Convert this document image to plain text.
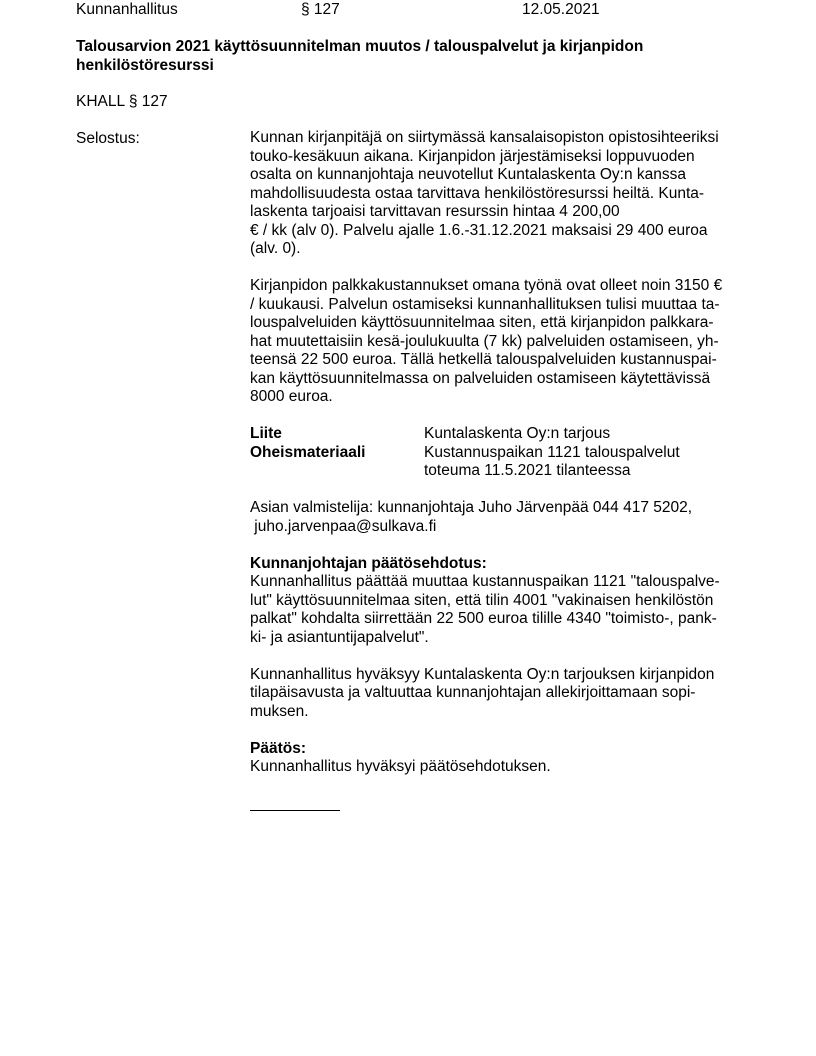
Kunnanhallitus	§ 127	12.05.2021
Talousarvion 2021 käyttösuunnitelman muutos / talouspalvelut ja kirjanpidon
henkilöstöresurssi
KHALL § 127
Selostus:	Kunnan kirjanpitäjä on siirtymässä kansalaisopiston opistosihteeriksi
touko-kesäkuun aikana. Kirjanpidon järjestämiseksi loppuvuoden
osalta on kunnanjohtaja neuvotellut Kuntalaskenta Oy:n kanssa
mahdollisuudesta ostaa tarvittava henkilöstöresurssi heiltä. Kunta-
laskenta tarjoaisi tarvittavan resurssin hintaa 4 200,00
€ / kk (alv 0). Palvelu ajalle 1.6.-31.12.2021 maksaisi 29 400 euroa
(alv. 0).
Kirjanpidon palkkakustannukset omana työnä ovat olleet noin 3150 €
/ kuukausi. Palvelun ostamiseksi kunnanhallituksen tulisi muuttaa ta-
louspalveluiden käyttösuunnitelmaa siten, että kirjanpidon palkkara-
hat muutettaisiin kesä-joulukuulta (7 kk) palveluiden ostamiseen, yh-
teensä 22 500 euroa. Tällä hetkellä talouspalveluiden kustannuspai-
kan käyttösuunnitelmassa on palveluiden ostamiseen käytettävissä
8000 euroa.
Liite	Kuntalaskenta Oy:n tarjous
Oheismateriaali	Kustannuspaikan 1121 talouspalvelut
toteuma 11.5.2021 tilanteessa
Asian valmistelija: kunnanjohtaja Juho Järvenpää 044 417 5202,
juho.jarvenpaa@sulkava.fi
Kunnanjohtajan päätösehdotus:
Kunnanhallitus päättää muuttaa kustannuspaikan 1121 "talouspalve-
lut" käyttösuunnitelmaa siten, että tilin 4001 "vakinaisen henkilöstön
palkat" kohdalta siirrettään 22 500 euroa tilille 4340 "toimisto-, pank-
ki- ja asiantuntijapalvelut".
Kunnanhallitus hyväksyy Kuntalaskenta Oy:n tarjouksen kirjanpidon
tilapäisavusta ja valtuuttaa kunnanjohtajan allekirjoittamaan sopi-
muksen.
Päätös:
Kunnanhallitus hyväksyi päätösehdotuksen.
